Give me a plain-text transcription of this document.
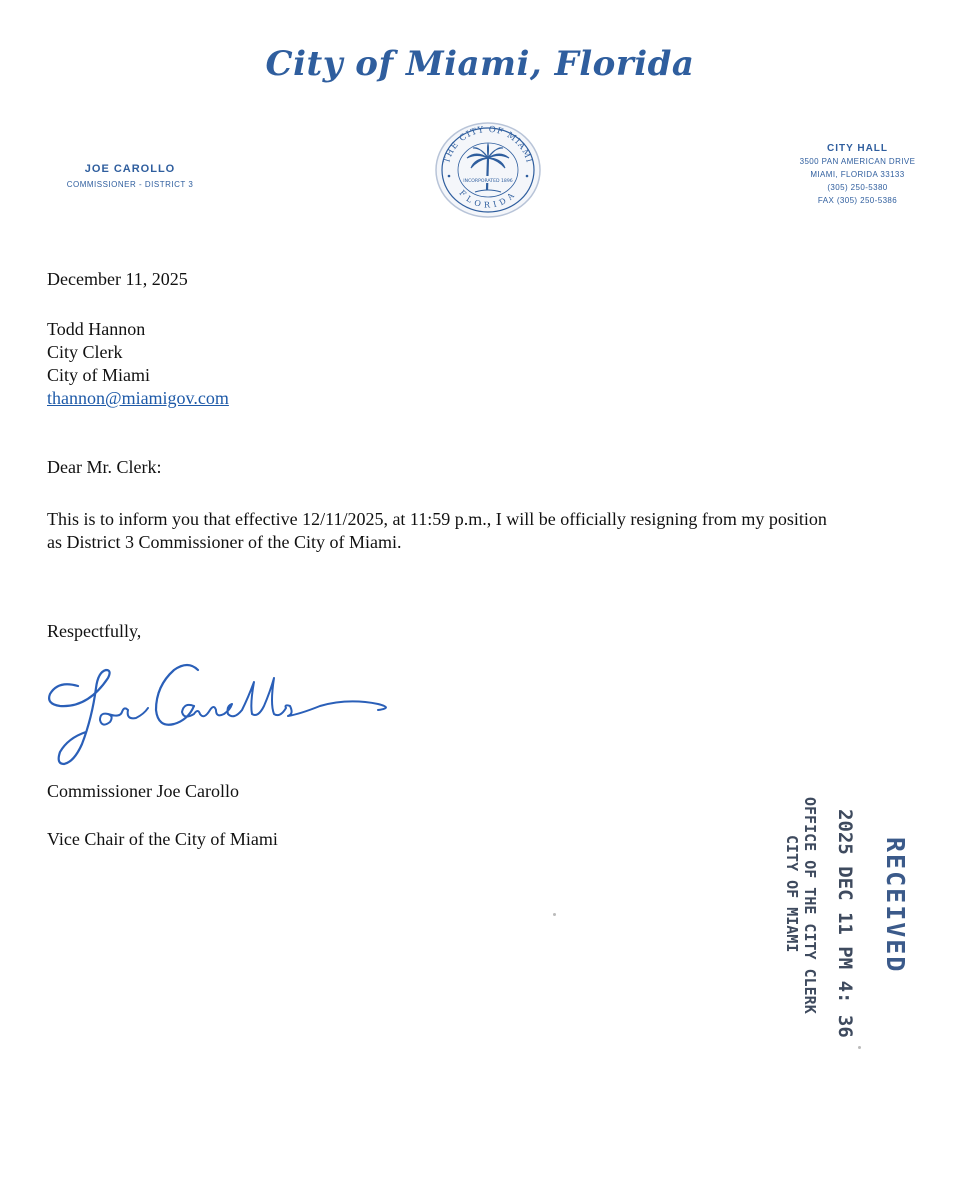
City of Miami, Florida
JOE CAROLLO
COMMISSIONER - DISTRICT 3
THE CITY OF MIAMI
FLORIDA
INCORPORATED 1896
CITY HALL
3500 PAN AMERICAN DRIVE
MIAMI, FLORIDA 33133
(305) 250-5380
FAX (305) 250-5386
December 11, 2025
Todd Hannon
City Clerk
City of Miami
thannon@miamigov.com
Dear Mr. Clerk:
This is to inform you that effective 12/11/2025, at 11:59 p.m., I will be officially resigning from my position
as District 3 Commissioner of the City of Miami.
Respectfully,
Commissioner Joe Carollo
Vice Chair of the City of Miami	RECEIVED
2025 DEC 11 PM 4: 36
OFFICE OF THE CITY CLERK
CITY OF MIAMI
